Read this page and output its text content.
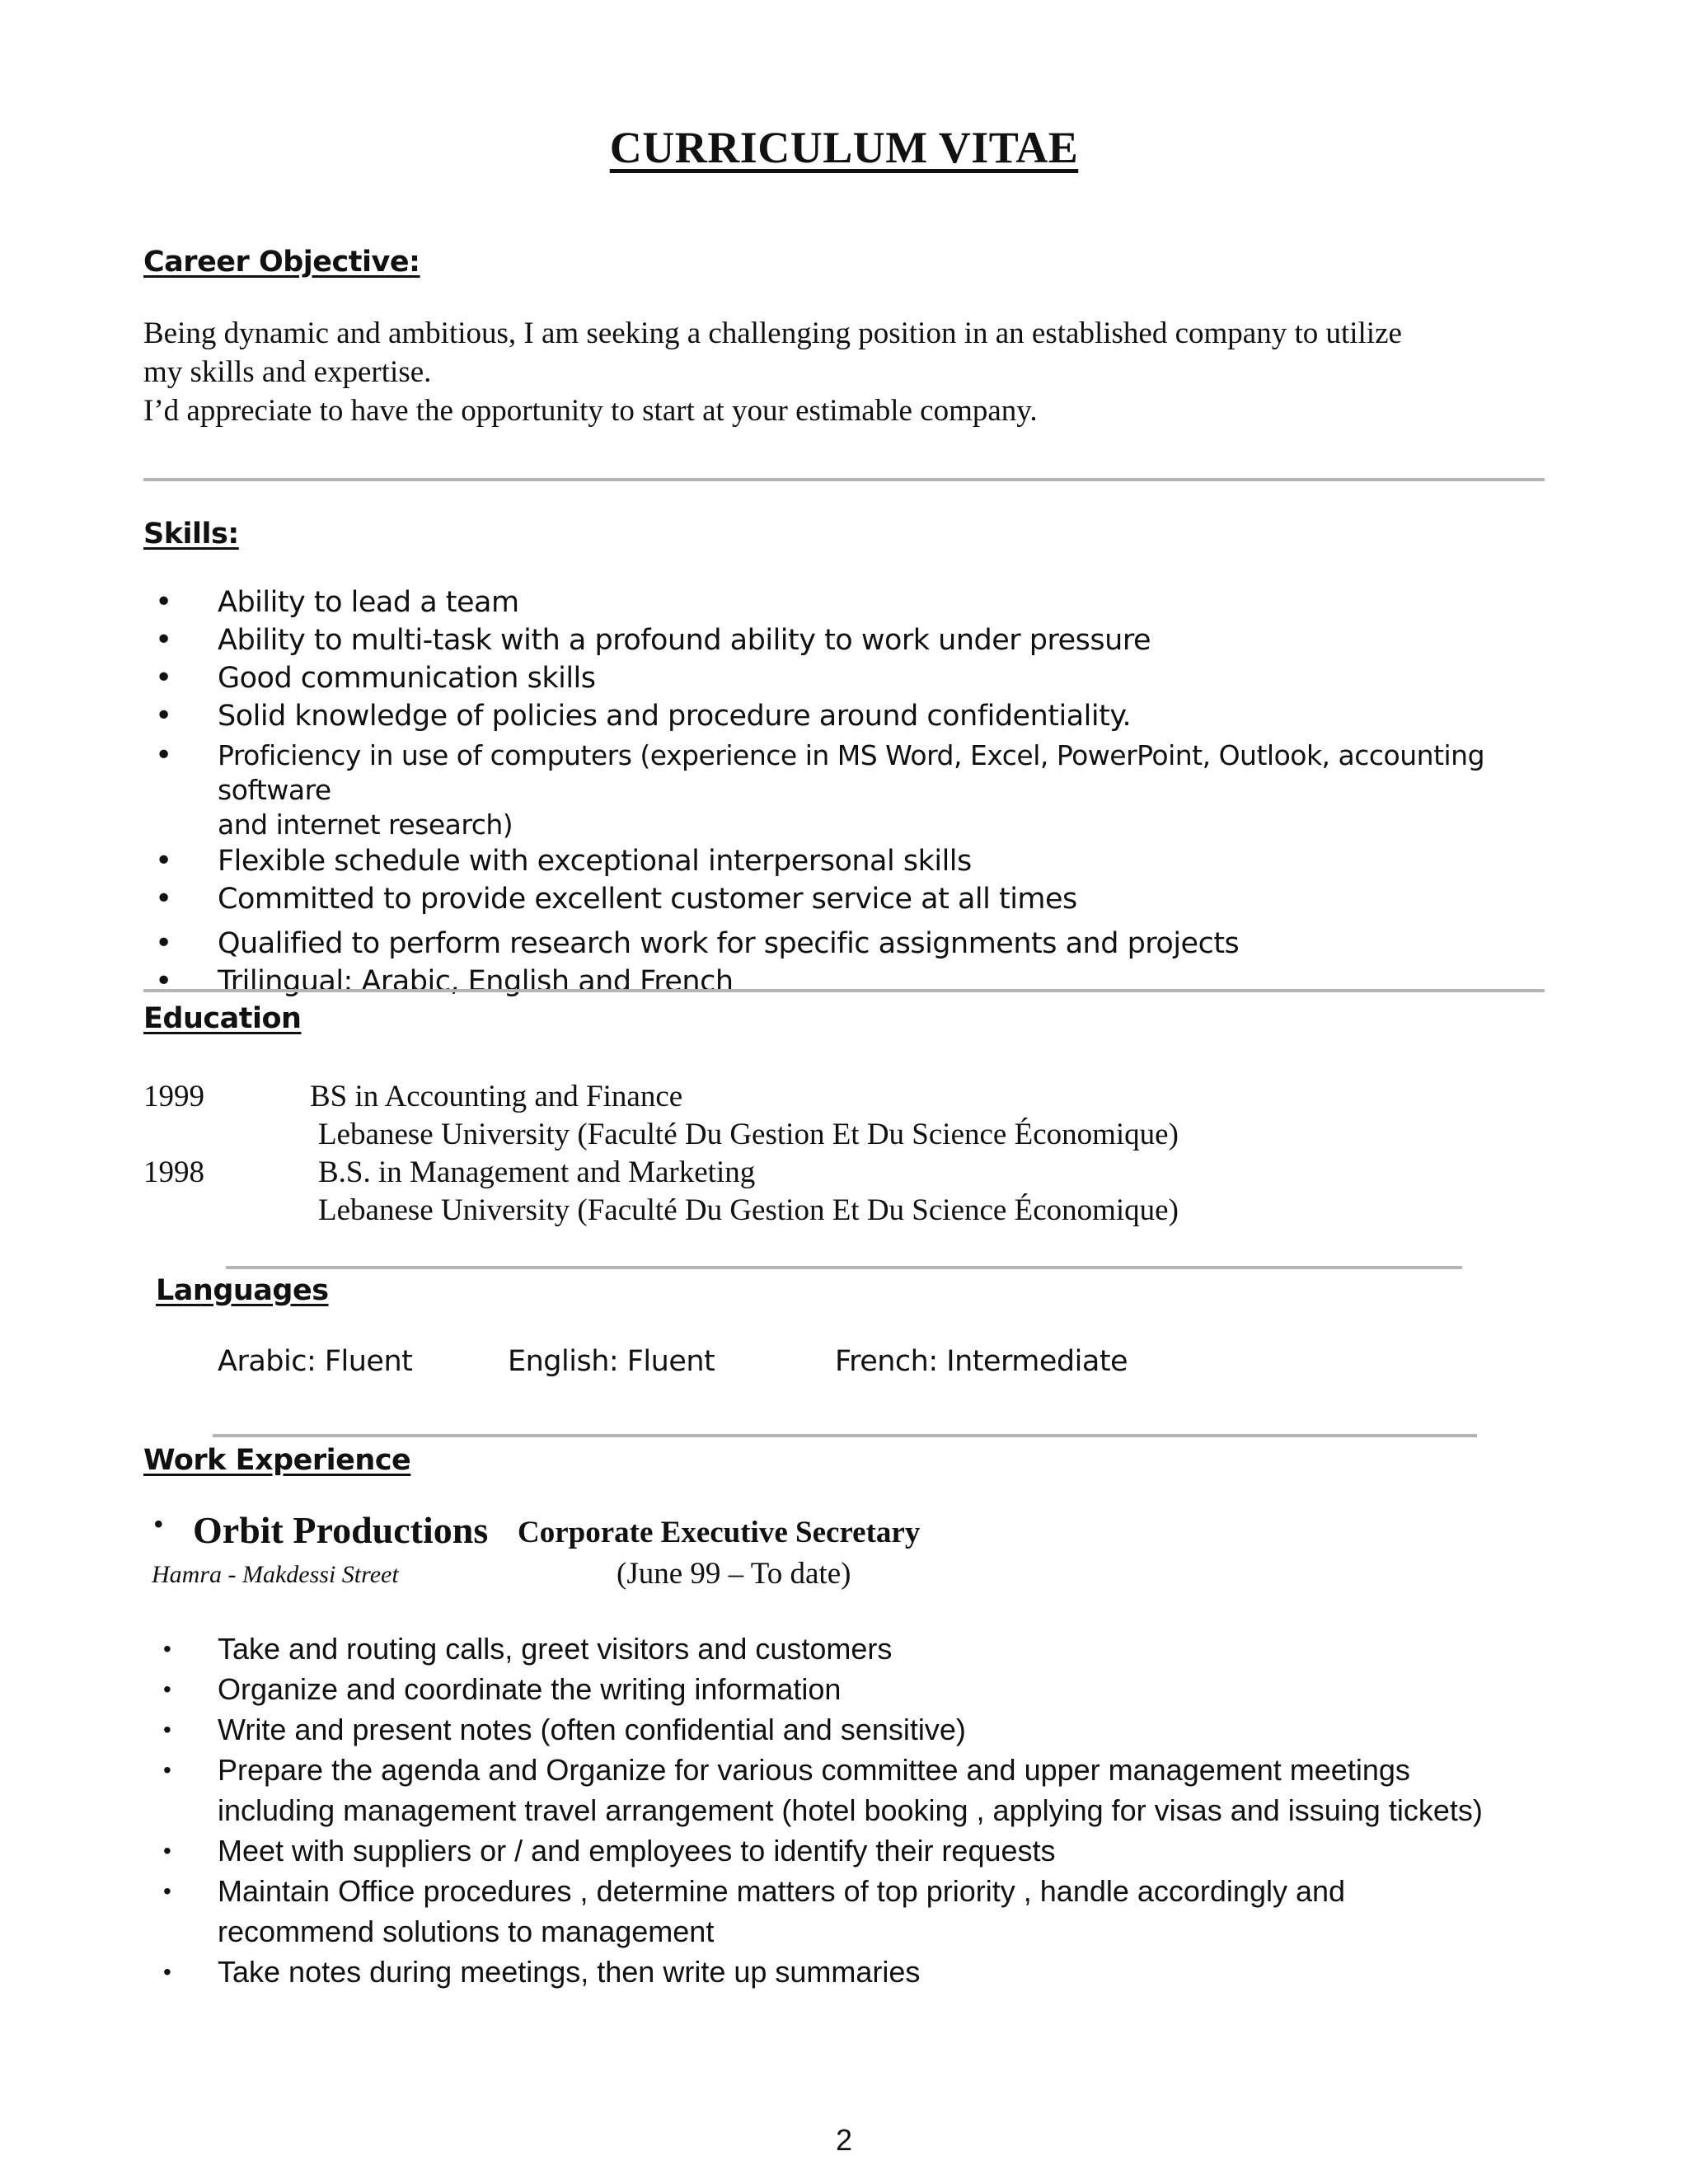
CURRICULUM VITAE
Career Objective:
Being dynamic and ambitious, I am seeking a challenging position in an established company to utilize
my skills and expertise.
I’d appreciate to have the opportunity to start at your estimable company.
Skills:
• Ability to lead a team
• Ability to multi-task with a profound ability to work under pressure
• Good communication skills
• Solid knowledge of policies and procedure around confidentiality.
• Proficiency in use of computers (experience in MS Word, Excel, PowerPoint, Outlook, accounting software
and internet research)
• Flexible schedule with exceptional interpersonal skills
• Committed to provide excellent customer service at all times
• Qualified to perform research work for specific assignments and projects
• Trilingual: Arabic, English and French
Education
1999	BS in Accounting and Finance
Lebanese University (Faculté Du Gestion Et Du Science Économique)
1998	B.S. in Management and Marketing
Lebanese University (Faculté Du Gestion Et Du Science Économique)
Languages
Arabic: Fluent	English: Fluent	French: Intermediate
Work Experience
• Orbit Productions Corporate Executive Secretary
Hamra - Makdessi Street	(June 99 – To date)
• Take and routing calls, greet visitors and customers
• Organize and coordinate the writing information
• Write and present notes (often confidential and sensitive)
• Prepare the agenda and Organize for various committee and upper management meetings
including management travel arrangement (hotel booking , applying for visas and issuing tickets)
• Meet with suppliers or / and employees to identify their requests
• Maintain Office procedures , determine matters of top priority , handle accordingly and
recommend solutions to management
• Take notes during meetings, then write up summaries
2
